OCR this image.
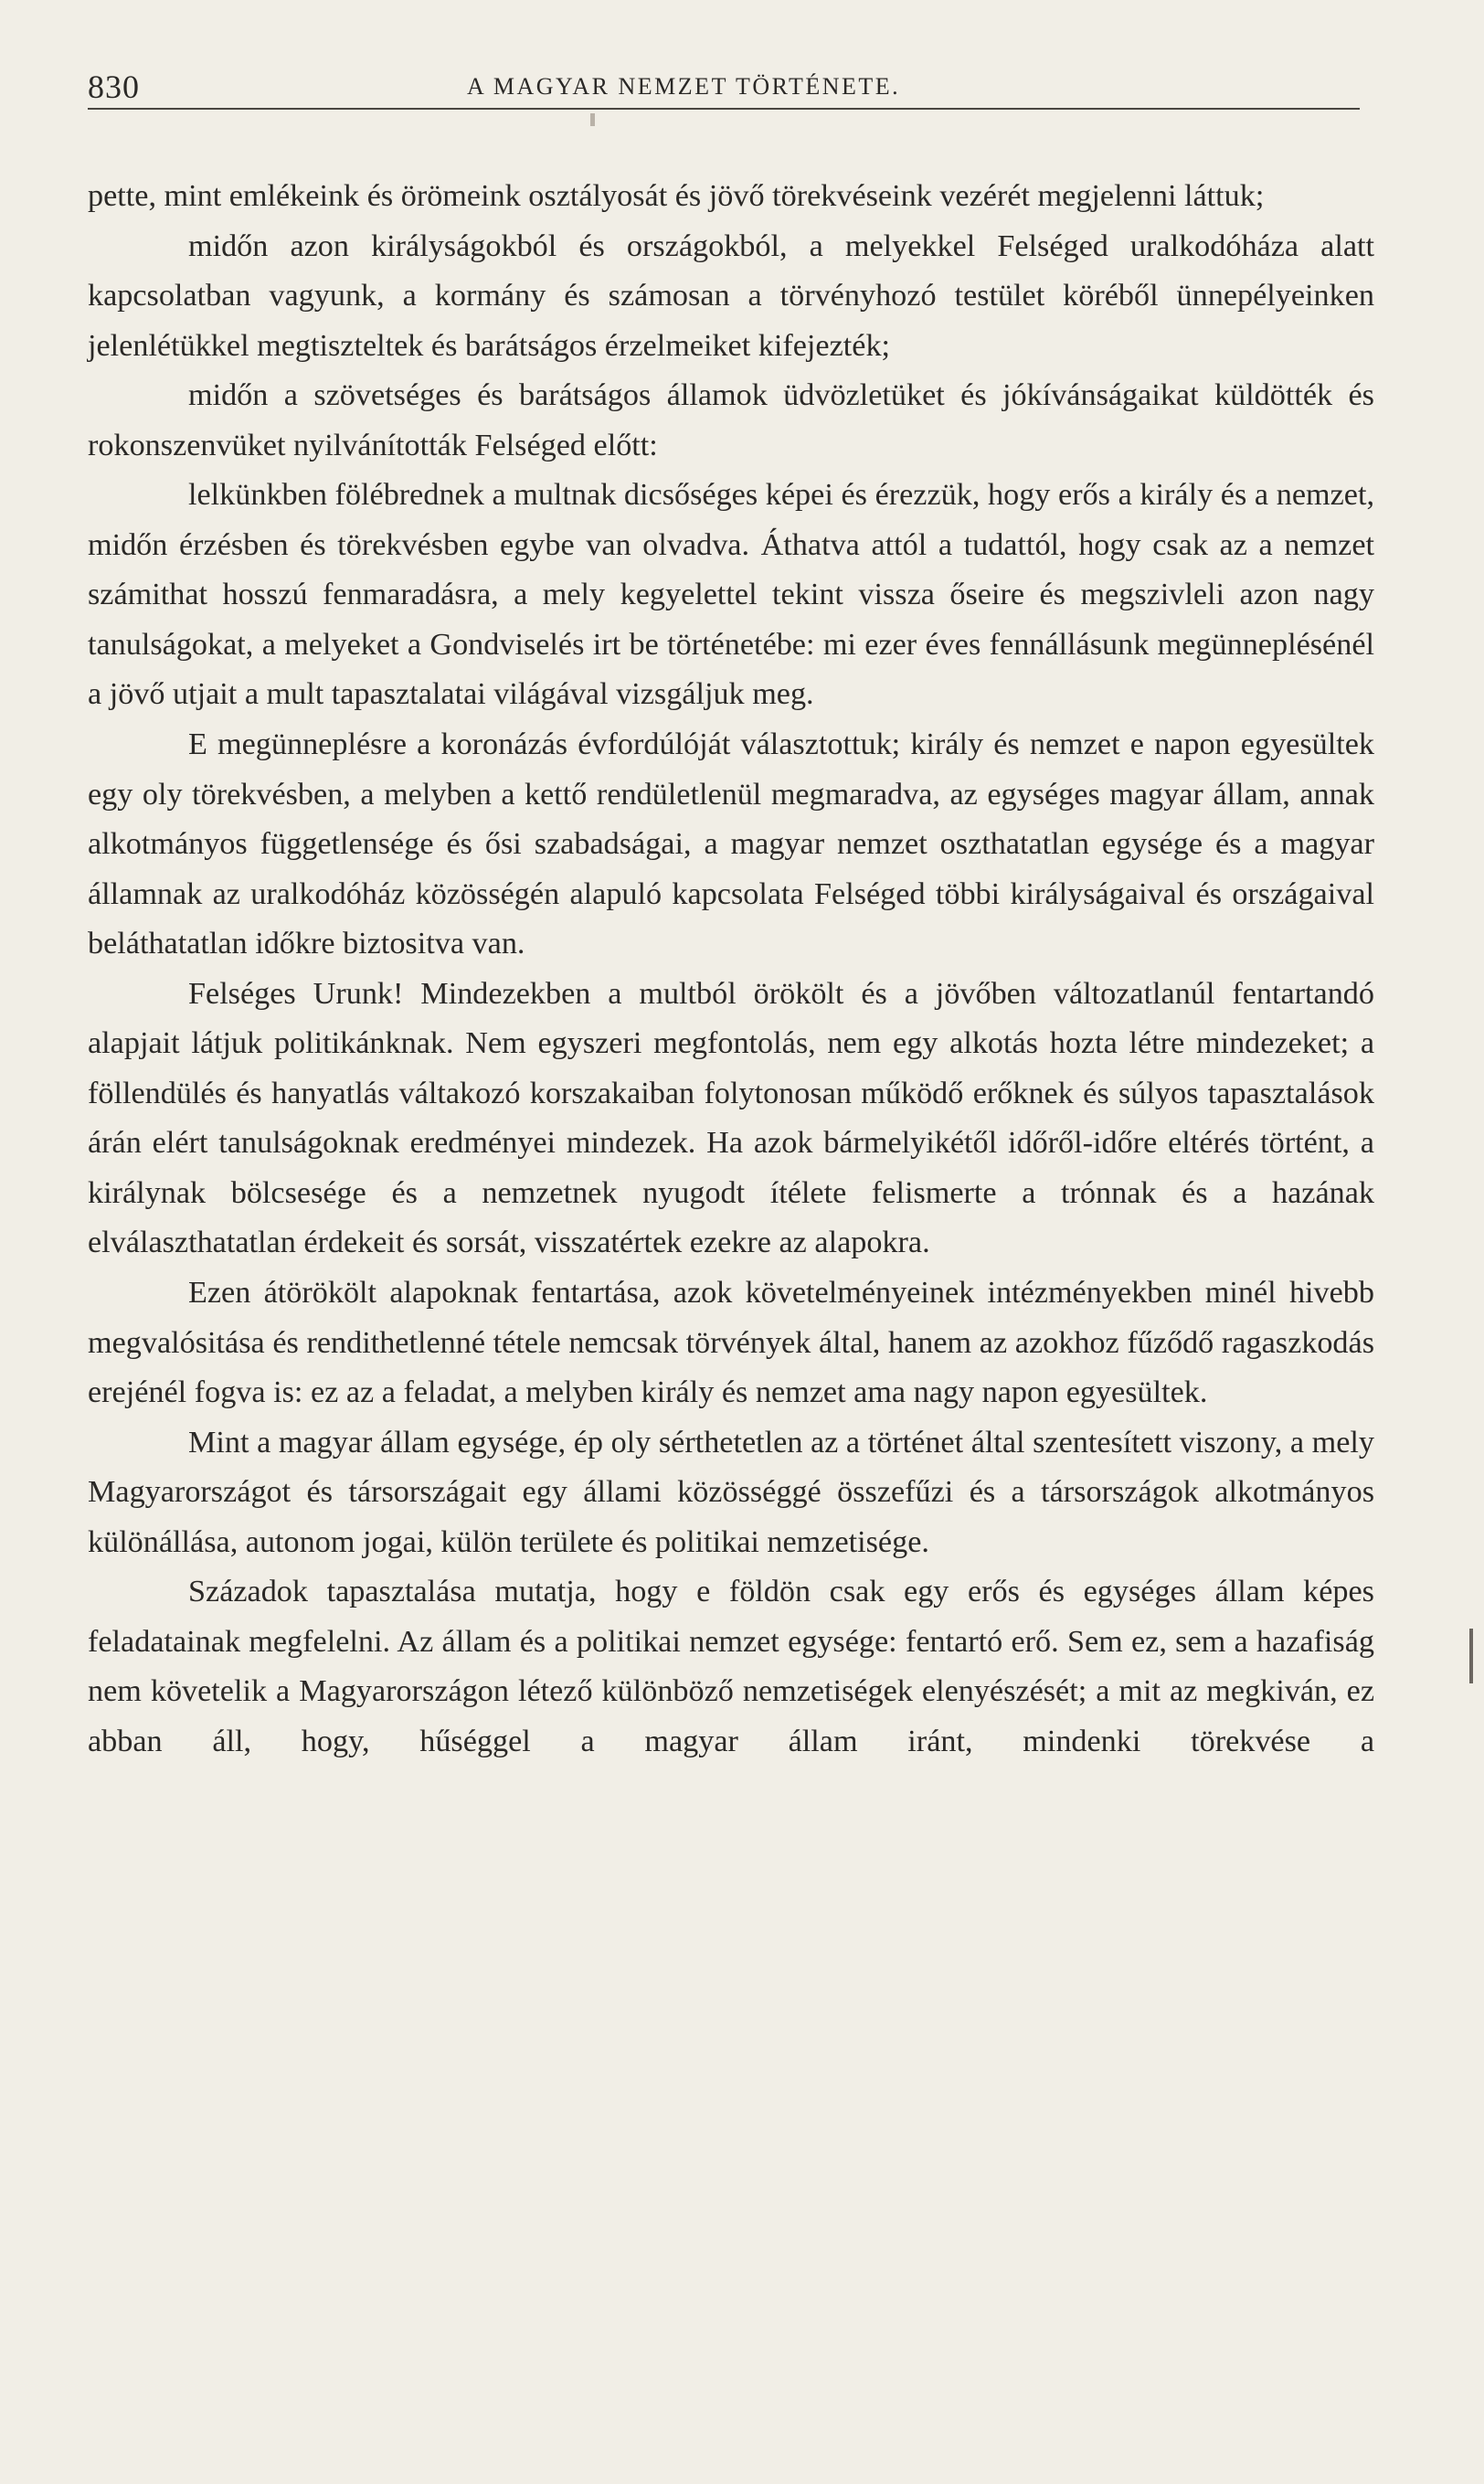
830	A MAGYAR NEMZET TÖRTÉNETE.

pette, mint emlékeink és örömeink osztályosát és jövő törekvéseink vezérét megjelenni láttuk;

midőn azon királyságokból és országokból, a melyekkel Felséged uralkodóháza alatt kapcsolatban vagyunk, a kormány és számosan a törvényhozó testület köréből ünnepélyeinken jelenlétükkel megtiszteltek és barátságos érzelmeiket kifejezték;

midőn a szövetséges és barátságos államok üdvözletüket és jókívánságaikat küldötték és rokonszenvüket nyilvánították Felséged előtt:

lelkünkben fölébrednek a multnak dicsőséges képei és érezzük, hogy erős a király és a nemzet, midőn érzésben és törekvésben egybe van olvadva. Áthatva attól a tudattól, hogy csak az a nemzet számithat hosszú fenmaradásra, a mely kegyelettel tekint vissza őseire és megszivleli azon nagy tanulságokat, a melyeket a Gondviselés irt be történetébe: mi ezer éves fennállásunk megünneplésénél a jövő utjait a mult tapasztalatai világával vizsgáljuk meg.

E megünneplésre a koronázás évfordúlóját választottuk; király és nemzet e napon egyesültek egy oly törekvésben, a melyben a kettő rendületlenül megmaradva, az egységes magyar állam, annak alkotmányos függetlensége és ősi szabadságai, a magyar nemzet oszthatatlan egysége és a magyar államnak az uralkodóház közösségén alapuló kapcsolata Felséged többi királyságaival és országaival beláthatatlan időkre biztositva van.

Felséges Urunk! Mindezekben a multból örökölt és a jövőben változatlanúl fentartandó alapjait látjuk politikánknak. Nem egyszeri megfontolás, nem egy alkotás hozta létre mindezeket; a föllendülés és hanyatlás váltakozó korszakaiban folytonosan működő erőknek és súlyos tapasztalások árán elért tanulságoknak eredményei mindezek. Ha azok bármelyikétől időről-időre eltérés történt, a királynak bölcsesége és a nemzetnek nyugodt ítélete felismerte a trónnak és a hazának elválaszthatatlan érdekeit és sorsát, visszatértek ezekre az alapokra.

Ezen átörökölt alapoknak fentartása, azok követelményeinek intézményekben minél hivebb megvalósitása és rendithetlenné tétele nemcsak törvények által, hanem az azokhoz fűződő ragaszkodás erejénél fogva is: ez az a feladat, a melyben király és nemzet ama nagy napon egyesültek.

Mint a magyar állam egysége, ép oly sérthetetlen az a történet által szentesített viszony, a mely Magyarországot és társországait egy állami közösséggé összefűzi és a társországok alkotmányos különállása, autonom jogai, külön területe és politikai nemzetisége.

Századok tapasztalása mutatja, hogy e földön csak egy erős és egységes állam képes feladatainak megfelelni. Az állam és a politikai nemzet egysége: fentartó erő. Sem ez, sem a hazafiság nem követelik a Magyarországon létező különböző nemzetiségek elenyészését; a mit az megkiván, ez abban áll, hogy, hűséggel a magyar állam iránt, mindenki törekvése a
